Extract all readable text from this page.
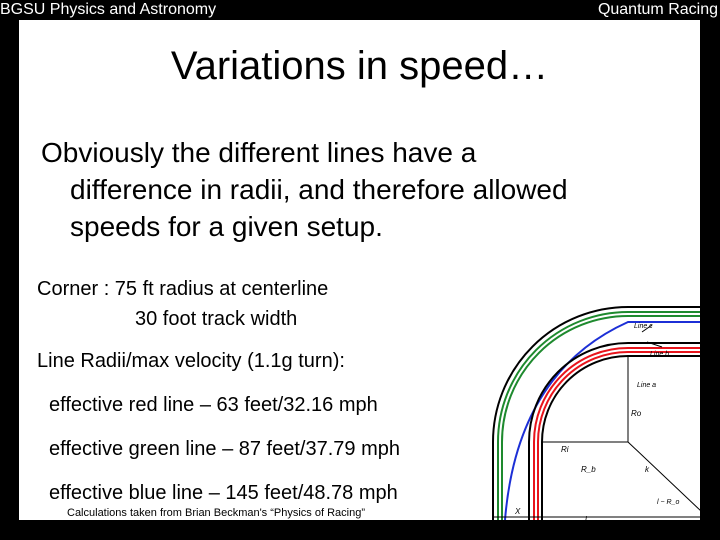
BGSU Physics and Astronomy	Quantum Racing
Variations in speed…
Obviously the different lines have a
difference in radii, and therefore allowed
speeds for a given setup.
Corner : 75 ft radius at centerline
30 foot track width
Line Radii/max velocity (1.1g turn):
effective red line – 63 feet/32.16 mph
effective green line – 87 feet/37.79 mph
effective blue line – 145 feet/48.78 mph
Calculations taken from Brian Beckman's “Physics of Racing”
Line c
Line b
Line a
Ro
Ri
R_b	k
l − R_o
X
l
